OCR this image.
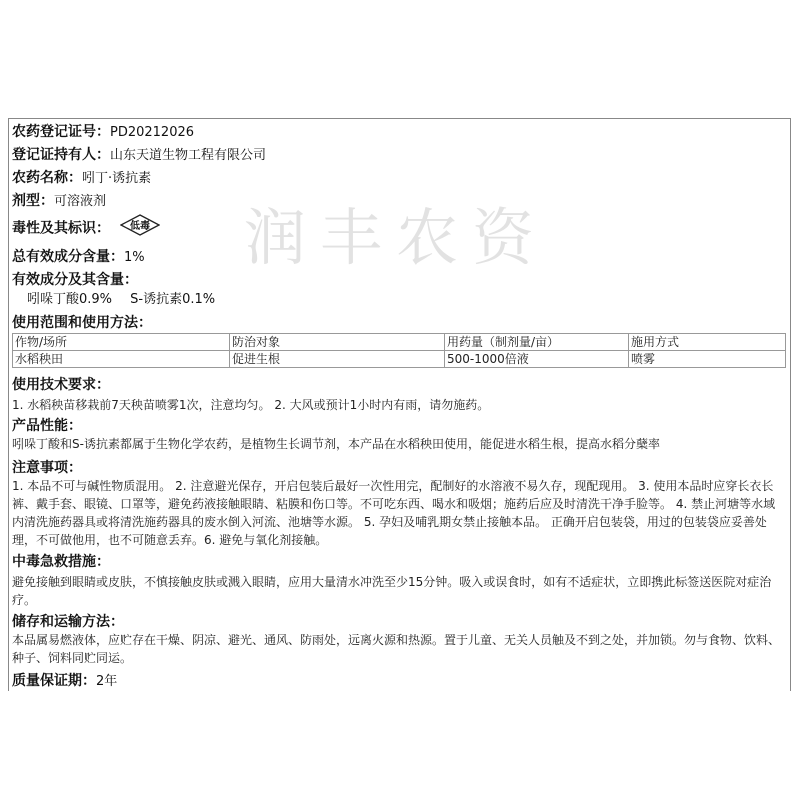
润丰农资
农药登记证号：PD20212026
登记证持有人：山东天道生物工程有限公司
农药名称：吲丁·诱抗素
剂型：可溶液剂
毒性及其标识： 低毒
总有效成分含量：1%
有效成分及其含量：
吲哚丁酸0.9% S-诱抗素0.1%
使用范围和使用方法：
作物/场所	防治对象	用药量（制剂量/亩）	施用方式
水稻秧田	促进生根	500-1000倍液	喷雾
使用技术要求：
1. 水稻秧苗移栽前7天秧苗喷雾1次，注意均匀。 2. 大风或预计1小时内有雨，请勿施药。
产品性能：
吲哚丁酸和S-诱抗素都属于生物化学农药，是植物生长调节剂，本产品在水稻秧田使用，能促进水稻生根，提高水稻分蘖率
注意事项：
1. 本品不可与碱性物质混用。 2. 注意避光保存，开启包装后最好一次性用完，配制好的水溶液不易久存，现配现用。 3. 使用本品时应穿长衣长裤、戴手套、眼镜、口罩等，避免药液接触眼睛、粘膜和伤口等。不可吃东西、喝水和吸烟；施药后应及时清洗干净手脸等。 4. 禁止河塘等水域内清洗施药器具或将清洗施药器具的废水倒入河流、池塘等水源。 5. 孕妇及哺乳期女禁止接触本品。 正确开启包装袋，用过的包装袋应妥善处理，不可做他用，也不可随意丢弃。6. 避免与氧化剂接触。
中毒急救措施：
避免接触到眼睛或皮肤，不慎接触皮肤或溅入眼睛，应用大量清水冲洗至少15分钟。吸入或误食时，如有不适症状，立即携此标签送医院对症治疗。
储存和运输方法：
本品属易燃液体，应贮存在干燥、阴凉、避光、通风、防雨处，远离火源和热源。置于儿童、无关人员触及不到之处，并加锁。勿与食物、饮料、种子、饲料同贮同运。
质量保证期：2年
